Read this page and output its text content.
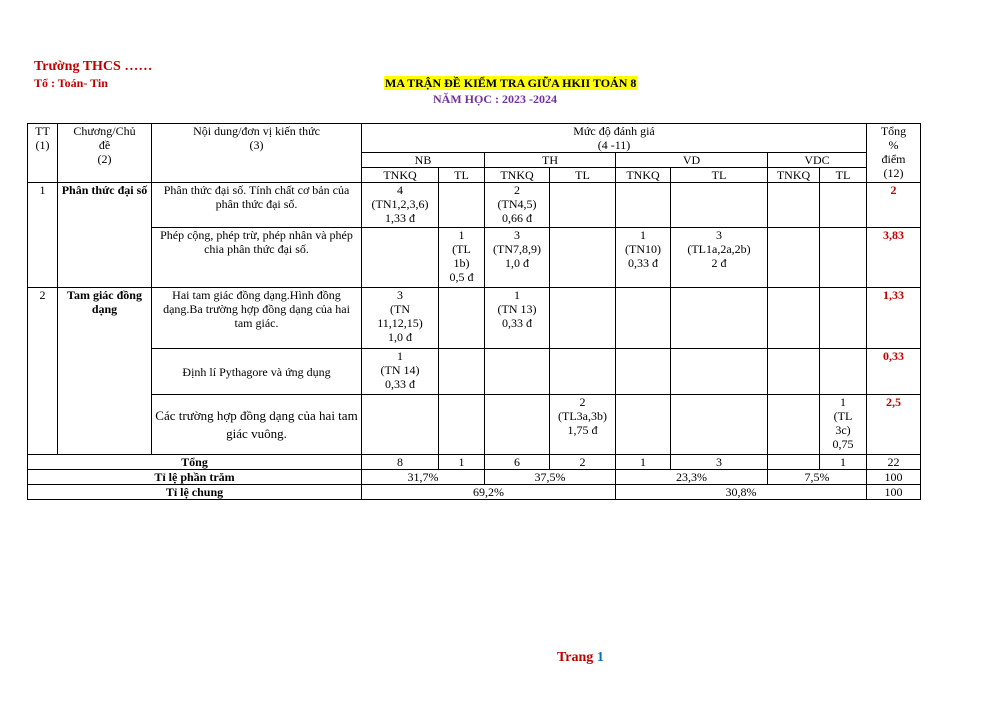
Trường THCS ……
Tổ : Toán- Tin	MA TRẬN ĐỀ KIỂM TRA GIỮA HKII TOÁN 8
NĂM HỌC : 2023 -2024
TT
(1)	Chương/Chủ
đề
(2)	Nội dung/đơn vị kiến thức
(3)	Mức độ đánh giá
(4 -11)								Tổng
%
điểm
(12)
			NB		TH		VD		VDC		
			TNKQ	TL	TNKQ	TL	TNKQ	TL	TNKQ	TL	
1	Phân thức đại số	Phân thức đại số. Tính chất cơ bản của phân thức đại số.	4
(TN1,2,3,6)
1,33 đ		2
(TN4,5)
0,66 đ						2
		Phép cộng, phép trừ, phép nhân và phép chia phân thức đại số.		1
(TL
1b)
0,5 đ	3
(TN7,8,9)
1,0 đ		1
(TN10)
0,33 đ	3
(TL1a,2a,2b)
2 đ			3,83
2	Tam giác đồng dạng	Hai tam giác đồng dạng.Hình đồng dạng.Ba trường hợp đồng dạng của hai tam giác.	3
(TN
11,12,15)
1,0 đ		1
(TN 13)
0,33 đ						1,33
		Định lí Pythagore và ứng dụng	1
(TN 14)
0,33 đ								0,33
		Các trường hợp đồng dạng của hai tam giác vuông.				2
(TL3a,3b)
1,75 đ				1
(TL
3c)
0,75	2,5
Tổng			8	1	6	2	1	3		1	22
Tỉ lệ phần trăm			31,7%		37,5%		23,3%		7,5%		100
Tỉ lệ chung			69,2%				30,8%				100
Trang 1
